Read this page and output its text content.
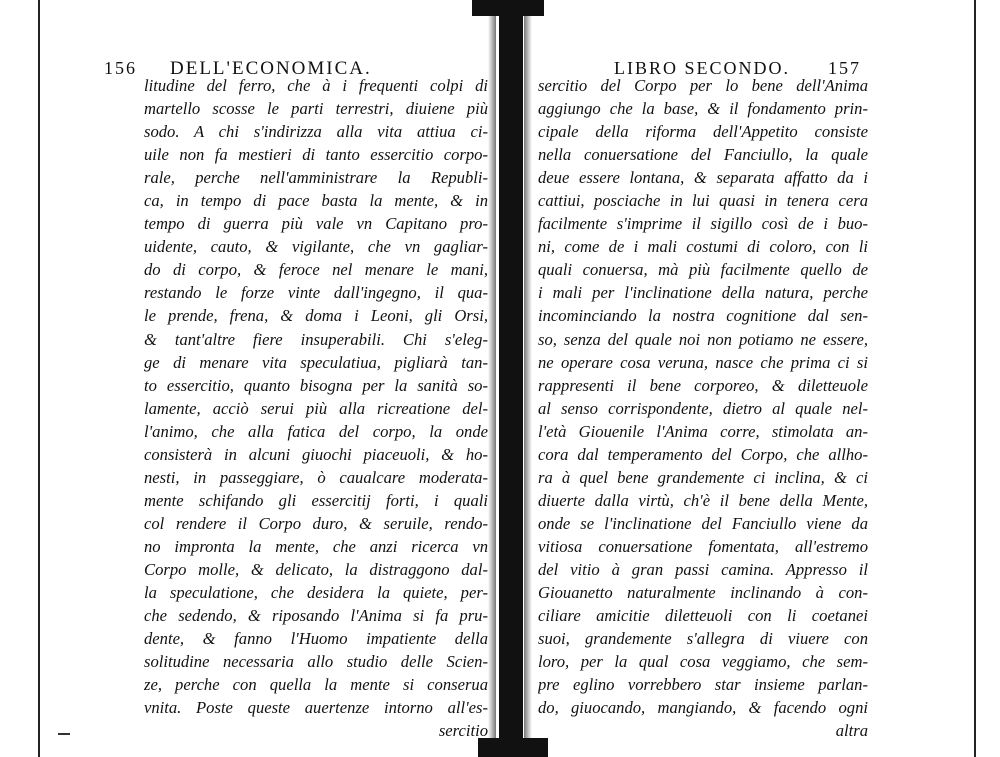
156 DELL'ECONOMICA.	LIBRO SECONDO. 157
litudine del ferro, che à i frequenti colpi di
martello scosse le parti terrestri, diuiene più
sodo. A chi s'indirizza alla vita attiua ci-
uile non fa mestieri di tanto essercitio corpo-
rale, perche nell'amministrare la Republi-
ca, in tempo di pace basta la mente, & in
tempo di guerra più vale vn Capitano pro-
uidente, cauto, & vigilante, che vn gagliar-
do di corpo, & feroce nel menare le mani,
restando le forze vinte dall'ingegno, il qua-
le prende, frena, & doma i Leoni, gli Orsi,
& tant'altre fiere insuperabili. Chi s'eleg-
ge di menare vita speculatiua, pigliarà tan-
to essercitio, quanto bisogna per la sanità so-
lamente, acciò serui più alla ricreatione del-
l'animo, che alla fatica del corpo, la onde
consisterà in alcuni giuochi piaceuoli, & ho-
nesti, in passeggiare, ò caualcare moderata-
mente schifando gli essercitij forti, i quali
col rendere il Corpo duro, & seruile, rendo-
no impronta la mente, che anzi ricerca vn
Corpo molle, & delicato, la distraggono dal-
la speculatione, che desidera la quiete, per-
che sedendo, & riposando l'Anima si fa pru-
dente, & fanno l'Huomo impatiente della
solitudine necessaria allo studio delle Scien-
ze, perche con quella la mente si conserua
vnita. Poste queste auertenze intorno all'es-
sercitio
sercitio del Corpo per lo bene dell'Anima
aggiungo che la base, & il fondamento prin-
cipale della riforma dell'Appetito consiste
nella conuersatione del Fanciullo, la quale
deue essere lontana, & separata affatto da i
cattiui, posciache in lui quasi in tenera cera
facilmente s'imprime il sigillo così de i buo-
ni, come de i mali costumi di coloro, con li
quali conuersa, mà più facilmente quello de
i mali per l'inclinatione della natura, perche
incominciando la nostra cognitione dal sen-
so, senza del quale noi non potiamo ne essere,
ne operare cosa veruna, nasce che prima ci si
rappresenti il bene corporeo, & diletteuole
al senso corrispondente, dietro al quale nel-
l'età Giouenile l'Anima corre, stimolata an-
cora dal temperamento del Corpo, che allho-
ra à quel bene grandemente ci inclina, & ci
diuerte dalla virtù, ch'è il bene della Mente,
onde se l'inclinatione del Fanciullo viene da
vitiosa conuersatione fomentata, all'estremo
del vitio à gran passi camina. Appresso il
Giouanetto naturalmente inclinando à con-
ciliare amicitie diletteuoli con li coetanei
suoi, grandemente s'allegra di viuere con
loro, per la qual cosa veggiamo, che sem-
pre eglino vorrebbero star insieme parlan-
do, giuocando, mangiando, & facendo ogni
altra
